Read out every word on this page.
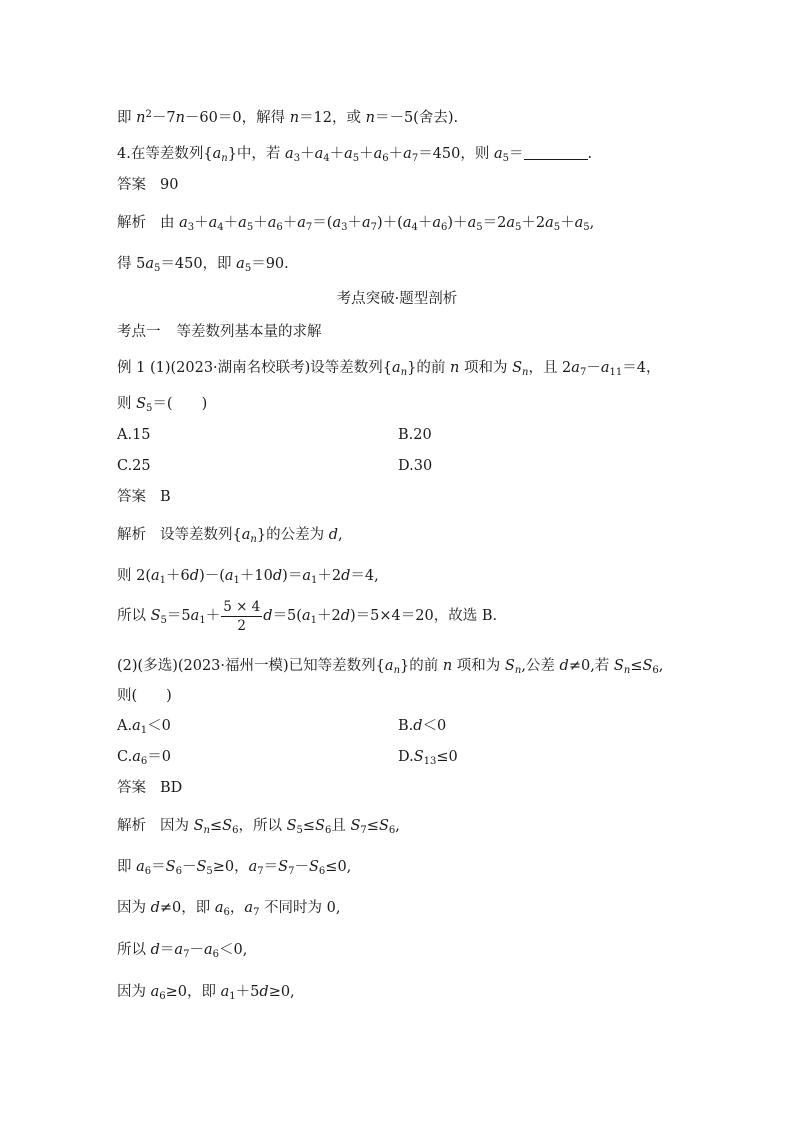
即 $n^2-7n-60=0$，解得 n＝12，或 n＝－5(舍去).
4.在等差数列$\{a_n\}$中，若 $a_3+a_4+a_5+a_6+a_7=450$，则 $a_5=$	.
答案 90
解析 由 $a_3+a_4+a_5+a_6+a_7=(a_3+a_7)+(a_4+a_6)+a_5=2a_5+2a_5+a_5$,
得 $5a_5=450$，即 $a_5=90$.
考点突破·题型剖析
考点一 等差数列基本量的求解
例 1 (1)(2023·湖南名校联考)设等差数列$\{a_n\}$的前 n 项和为 $S_n$，且 $2a_7-a_{11}=4$，
则 $S_5=$(　　)
A.15	B.20
C.25	D.30
答案 B
解析 设等差数列$\{a_n\}$的公差为 d,
则 $2(a_1+6d)-(a_1+10d)=a_1+2d=4$,
所以 $S_5=5a_1+ \frac{5 \times 4}{2} d=5(a_1+2d)=5\times 4=20$，故选 B.
(2)(多选)(2023·福州一模)已知等差数列$\{a_n\}$的前 n 项和为 $S_n$,公差 d≠0,若 $S_n\le S_6$,
则(　　)
$A.a_1<0$	B.d＜0
$C.a_6=0$	$D.S_{13}\le 0$
答案 BD
解析 因为 $S_n\le S_6$，所以 $S_5\le S_6$且 $S_7\le S_6$,
即 $a_6=S_6-S_5\ge 0$，$a_7=S_7-S_6\le 0$,
因为 d≠0，即 $a_6$，$a_7$ 不同时为 0,
所以 $d=a_7-a_6<0$,
因为 $a_6\ge 0$，即 $a_1+5d\ge 0$,
